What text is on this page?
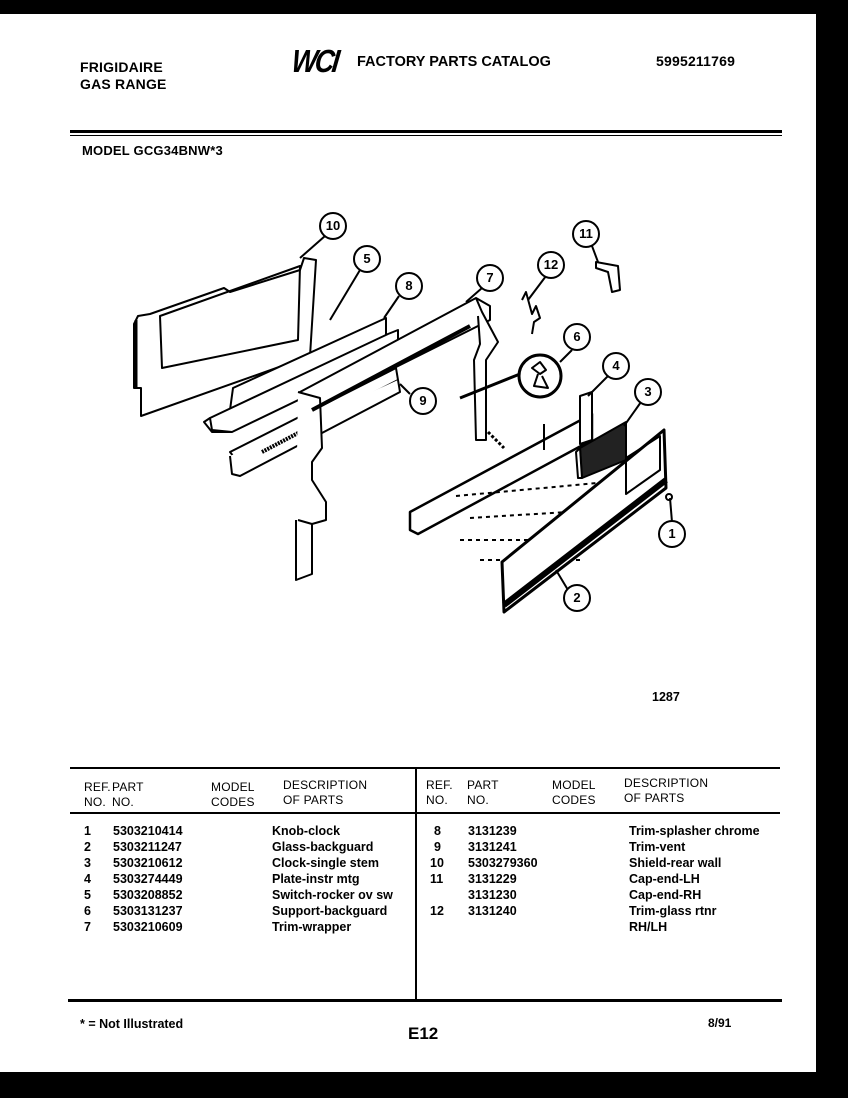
FRIGIDAIRE
GAS RANGE
WCI FACTORY PARTS CATALOG	5995211769
MODEL GCG34BNW*3
10
5
8
7
9
12
11
6
4
3
1
2
1287
REF.
NO.
PART
NO.
MODEL
CODES
DESCRIPTION
OF PARTS
REF.
NO.
PART
NO.
MODEL
CODES
DESCRIPTION
OF PARTS
1 5303210414	Knob-clock
2 5303211247	Glass-backguard
3 5303210612	Clock-single stem
4 5303274449	Plate-instr mtg
5 5303208852	Switch-rocker ov sw
6 5303131237	Support-backguard
7 5303210609	Trim-wrapper
8 3131239	Trim-splasher chrome
9 3131241	Trim-vent
10 5303279360	Shield-rear wall
11 3131229	Cap-end-LH
3131230	Cap-end-RH
12 3131240	Trim-glass rtnr
RH/LH
* = Not Illustrated	E12
8/91
